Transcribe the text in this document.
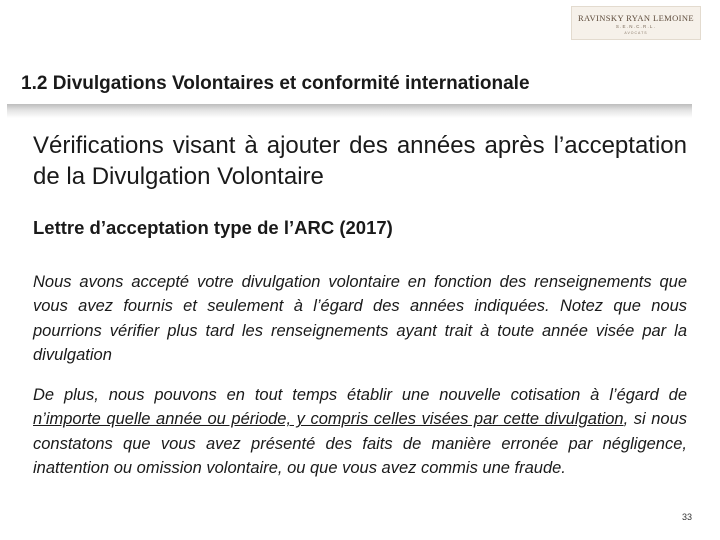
RAVINSKY RYAN LEMOINE
S.E.N.C.R.L.
AVOCATS
1.2 Divulgations Volontaires et conformité internationale
Vérifications visant à ajouter des années après l’acceptation de la Divulgation Volontaire
Lettre d’acceptation type de l’ARC (2017)

Nous avons accepté votre divulgation volontaire en fonction des renseignements que vous avez fournis et seulement à l’égard des années indiquées. Notez que nous pourrions vérifier plus tard les renseignements ayant trait à toute année visée par la divulgation

De plus, nous pouvons en tout temps établir une nouvelle cotisation à l’égard de n’importe quelle année ou période, y compris celles visées par cette divulgation, si nous constatons que vous avez présenté des faits de manière erronée par négligence, inattention ou omission volontaire, ou que vous avez commis une fraude.

33
